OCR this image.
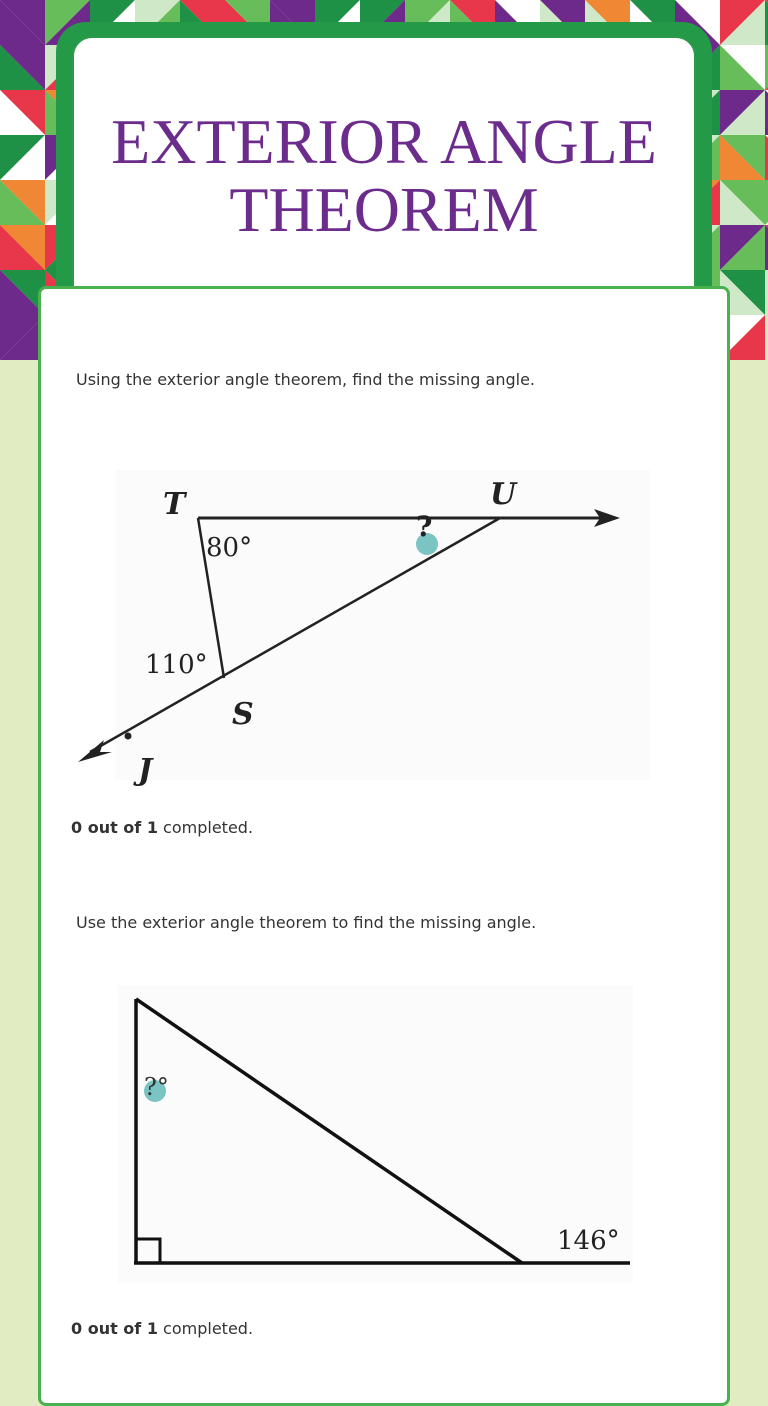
EXTERIOR ANGLE THEOREM

Using the exterior angle theorem, find the missing angle.

T	U
S
J
80°
110°
?

0 out of 1 completed.

Use the exterior angle theorem to find the missing angle.

?°
146°

0 out of 1 completed.
